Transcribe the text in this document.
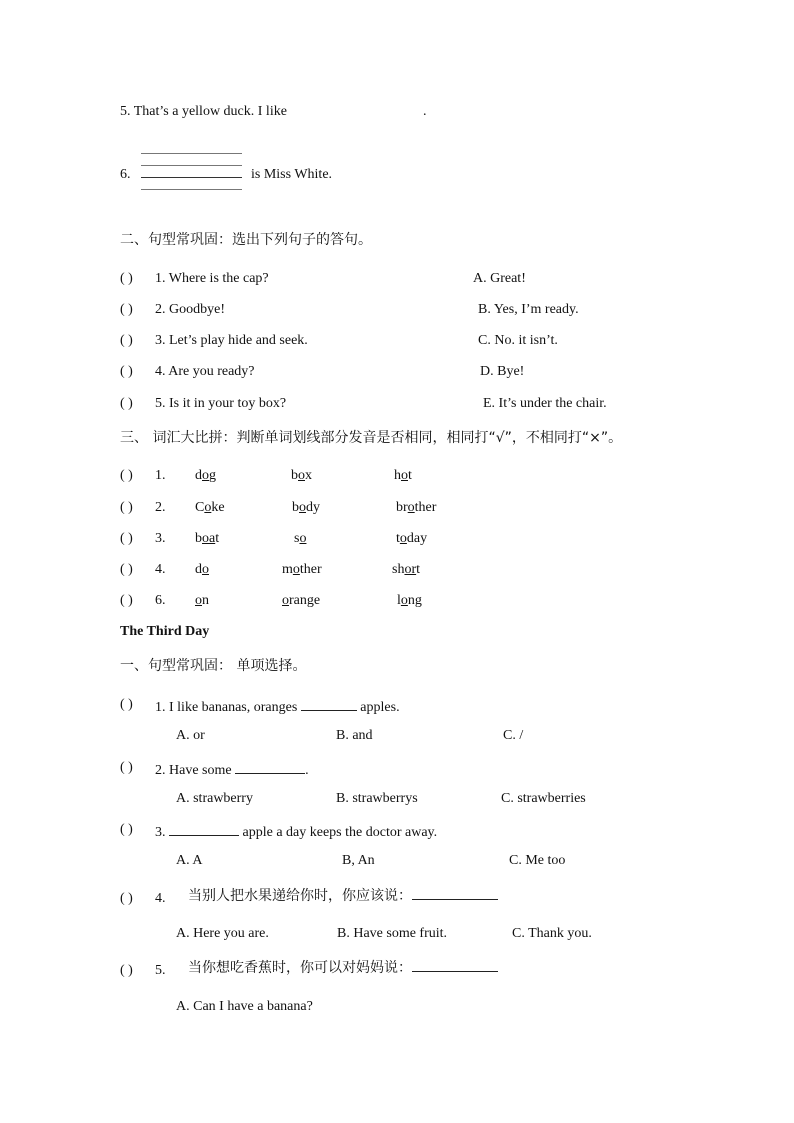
5. That’s a yellow duck. I like	.
6.	is Miss White.
二、句型常巩固：选出下列句子的答句。
( ) 1. Where is the cap?	A. Great!
( ) 2. Goodbye!	B. Yes, I’m ready.
( ) 3. Let’s play hide and seek.	C. No. it isn’t.
( ) 4. Are you ready?	D. Bye!
( ) 5. Is it in your toy box?	E. It’s under the chair.
三、 词汇大比拼：判断单词划线部分发音是否相同，相同打“√”，不相同打“×”。
( ) 1. dog	box	hot
( ) 2. Coke	body	brother
( ) 3. boat	so	today
( ) 4. do	mother	short
( ) 6. on	orange	long
The Third Day
一、句型常巩固： 单项选择。
( ) 1. I like bananas, oranges	apples.
A. or	B. and	C. /
( ) 2. Have some	.
A. strawberry	B. strawberrys	C. strawberries
( ) 3.	apple a day keeps the doctor away.
A. A	B, An	C. Me too
( ) 4. 当别人把水果递给你时，你应该说：
A. Here you are.	B. Have some fruit.	C. Thank you.
( ) 5. 当你想吃香蕉时，你可以对妈妈说：
A. Can I have a banana?
